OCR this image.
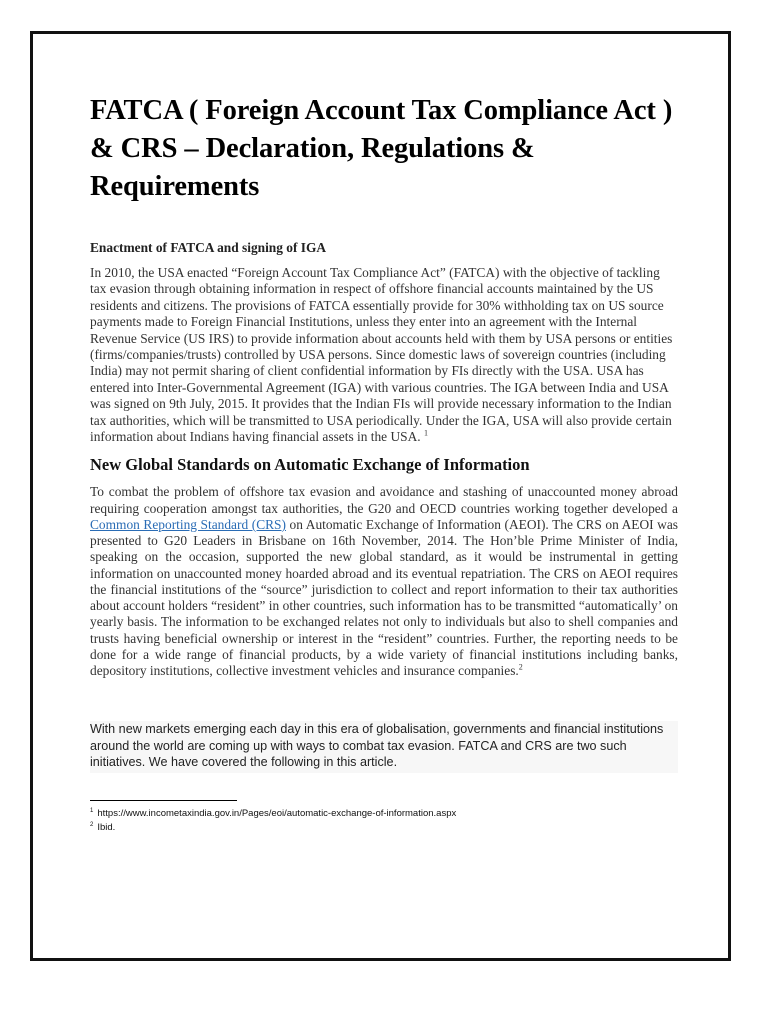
FATCA ( Foreign Account Tax Compliance Act ) & CRS – Declaration, Regulations & Requirements
Enactment of FATCA and signing of IGA
In 2010, the USA enacted “Foreign Account Tax Compliance Act” (FATCA) with the objective of tackling tax evasion through obtaining information in respect of offshore financial accounts maintained by the US residents and citizens. The provisions of FATCA essentially provide for 30% withholding tax on US source payments made to Foreign Financial Institutions, unless they enter into an agreement with the Internal Revenue Service (US IRS) to provide information about accounts held with them by USA persons or entities (firms/companies/trusts) controlled by USA persons. Since domestic laws of sovereign countries (including India) may not permit sharing of client confidential information by FIs directly with the USA. USA has entered into Inter-Governmental Agreement (IGA) with various countries. The IGA between India and USA was signed on 9th July, 2015. It provides that the Indian FIs will provide necessary information to the Indian tax authorities, which will be transmitted to USA periodically. Under the IGA, USA will also provide certain information about Indians having financial assets in the USA. $^1$
New Global Standards on Automatic Exchange of Information
To combat the problem of offshore tax evasion and avoidance and stashing of unaccounted money abroad requiring cooperation amongst tax authorities, the G20 and OECD countries working together developed a Common Reporting Standard (CRS) on Automatic Exchange of Information (AEOI). The CRS on AEOI was presented to G20 Leaders in Brisbane on 16th November, 2014. The Hon’ble Prime Minister of India, speaking on the occasion, supported the new global standard, as it would be instrumental in getting information on unaccounted money hoarded abroad and its eventual repatriation. The CRS on AEOI requires the financial institutions of the “source” jurisdiction to collect and report information to their tax authorities about account holders “resident” in other countries, such information has to be transmitted “automatically’ on yearly basis. The information to be exchanged relates not only to individuals but also to shell companies and trusts having beneficial ownership or interest in the “resident” countries. Further, the reporting needs to be done for a wide range of financial products, by a wide variety of financial institutions including banks, depository institutions, collective investment vehicles and insurance companies.$^2$
With new markets emerging each day in this era of globalisation, governments and financial institutions around the world are coming up with ways to combat tax evasion. FATCA and CRS are two such initiatives. We have covered the following in this article.
$^1$ https://www.incometaxindia.gov.in/Pages/eoi/automatic-exchange-of-information.aspx
$^2$ Ibid.
